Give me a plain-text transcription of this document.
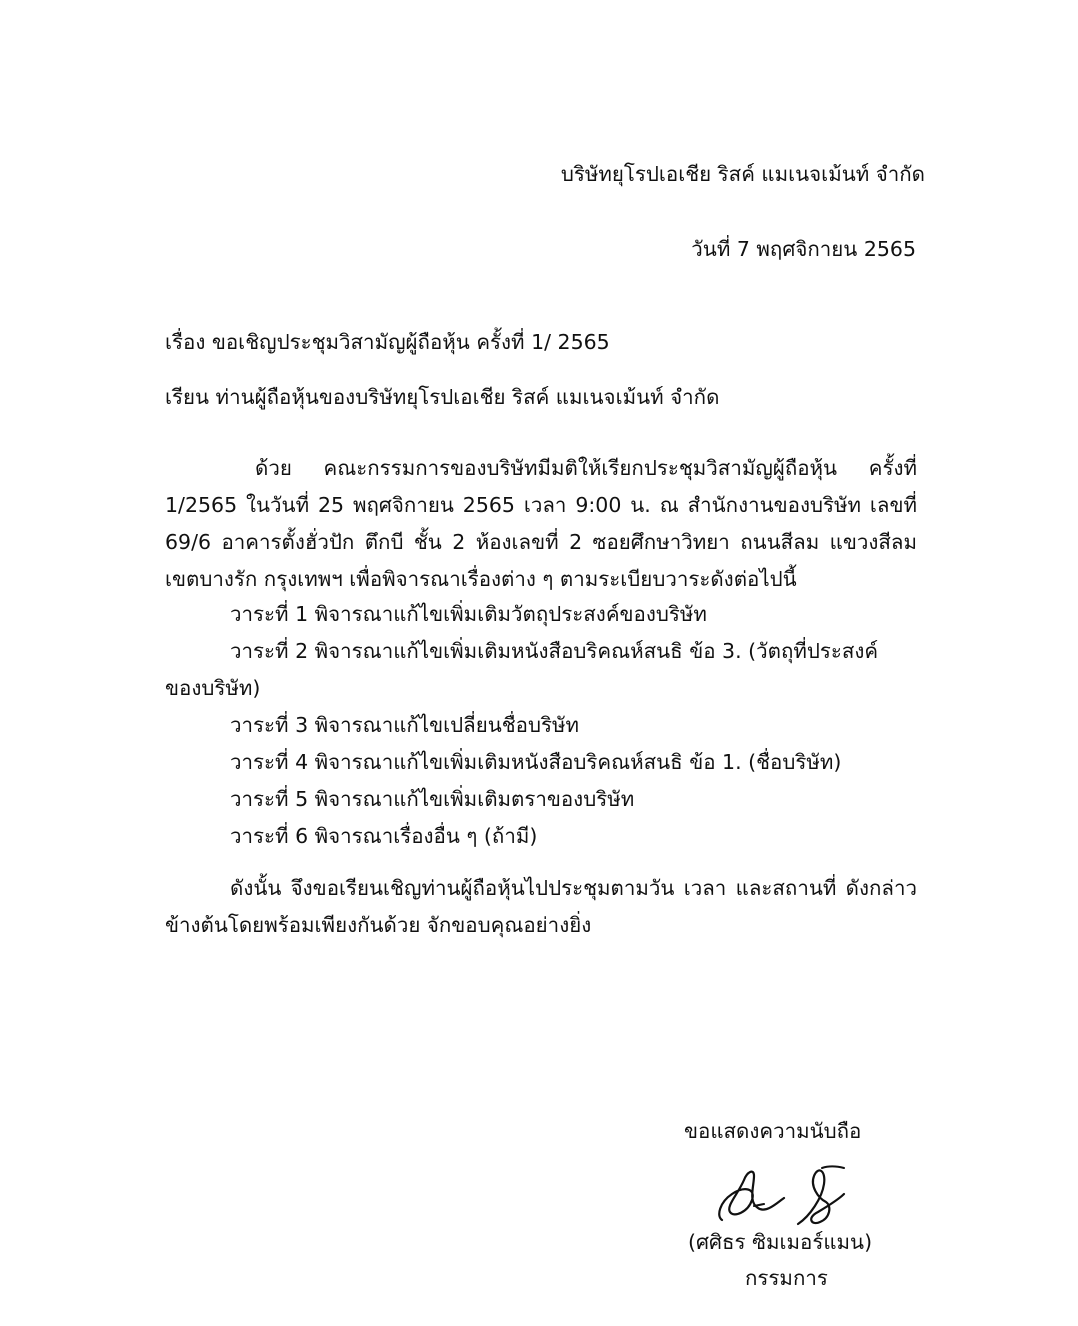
บริษัทยุโรปเอเชีย ริสค์ แมเนจเม้นท์ จำกัด
วันที่ 7 พฤศจิกายน 2565
เรื่อง ขอเชิญประชุมวิสามัญผู้ถือหุ้น ครั้งที่ 1/ 2565
เรียน ท่านผู้ถือหุ้นของบริษัทยุโรปเอเชีย ริสค์ แมเนจเม้นท์ จำกัด
ด้วย คณะกรรมการของบริษัทมีมติให้เรียกประชุมวิสามัญผู้ถือหุ้น ครั้งที่ 1/2565 ในวันที่ 25 พฤศจิกายน 2565 เวลา 9:00 น. ณ สำนักงานของบริษัท เลขที่ 69/6 อาคารตั้งฮั่วปัก ตึกบี ชั้น 2 ห้องเลขที่ 2 ซอยศึกษาวิทยา ถนนสีลม แขวงสีลม เขตบางรัก กรุงเทพฯ เพื่อพิจารณาเรื่องต่าง ๆ ตามระเบียบวาระดังต่อไปนี้
วาระที่ 1 พิจารณาแก้ไขเพิ่มเติมวัตถุประสงค์ของบริษัท
วาระที่ 2 พิจารณาแก้ไขเพิ่มเติมหนังสือบริคณห์สนธิ ข้อ 3. (วัตถุที่ประสงค์
ของบริษัท)
วาระที่ 3 พิจารณาแก้ไขเปลี่ยนชื่อบริษัท
วาระที่ 4 พิจารณาแก้ไขเพิ่มเติมหนังสือบริคณห์สนธิ ข้อ 1. (ชื่อบริษัท)
วาระที่ 5 พิจารณาแก้ไขเพิ่มเติมตราของบริษัท
วาระที่ 6 พิจารณาเรื่องอื่น ๆ (ถ้ามี)
ดังนั้น จึงขอเรียนเชิญท่านผู้ถือหุ้นไปประชุมตามวัน เวลา และสถานที่ ดังกล่าวข้างต้นโดยพร้อมเพียงกันด้วย จักขอบคุณอย่างยิ่ง
ขอแสดงความนับถือ
(ศศิธร ซิมเมอร์แมน)
กรรมการ
